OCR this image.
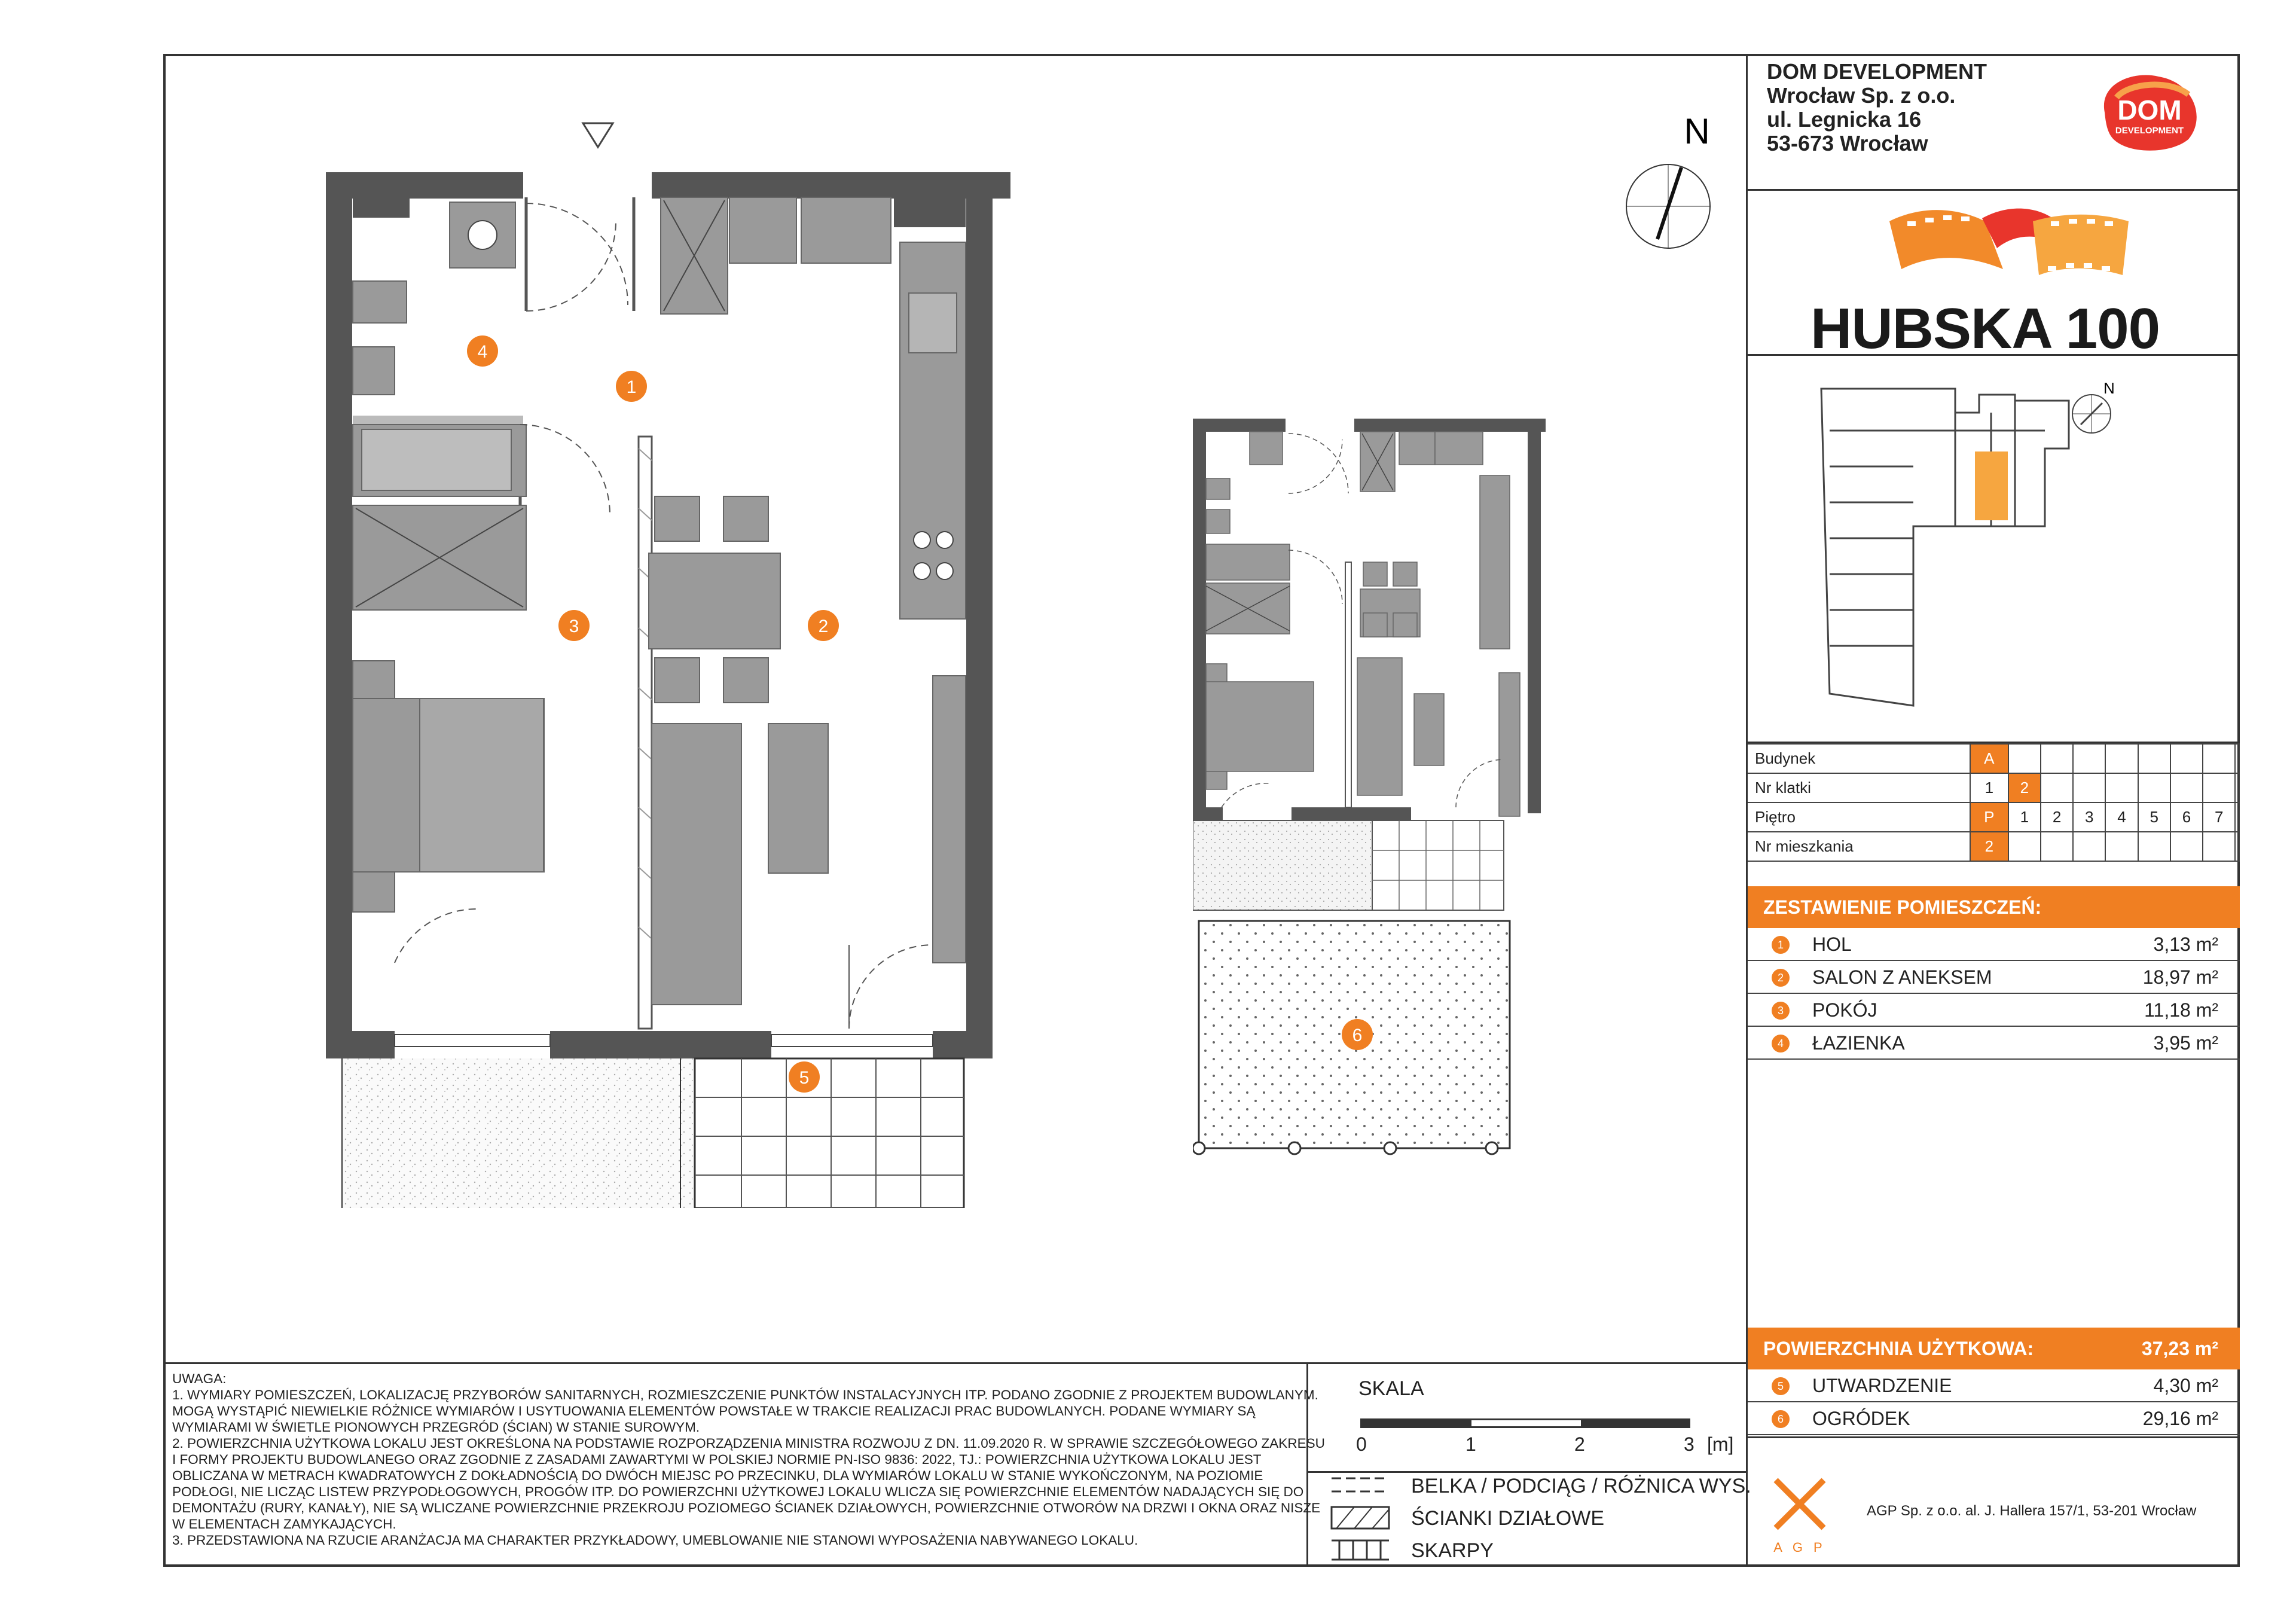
DOM DEVELOPMENT
Wrocław Sp. z o.o.
ul. Legnicka 16
53-673 Wrocław
DOM
DEVELOPMENT
HUBSKA 100
N
Budynek	A								
Nr klatki	1	2							
Piętro	P	1	2	3	4	5	6	7	
Nr mieszkania	2								
ZESTAWIENIE POMIESZCZEŃ:
1	HOL	3,13 m²
2	SALON Z ANEKSEM	18,97 m²
3	POKÓJ	11,18 m²
4	ŁAZIENKA	3,95 m²
POWIERZCHNIA UŻYTKOWA:	37,23 m²
5	UTWARDZENIE	4,30 m²
6	OGRÓDEK	29,16 m²
UWAGA:
1. WYMIARY POMIESZCZEŃ, LOKALIZACJĘ PRZYBORÓW SANITARNYCH, ROZMIESZCZENIE PUNKTÓW INSTALACYJNYCH ITP. PODANO ZGODNIE Z PROJEKTEM BUDOWLANYM.
MOGĄ WYSTĄPIĆ NIEWIELKIE RÓŻNICE WYMIARÓW I USYTUOWANIA ELEMENTÓW POWSTAŁE W TRAKCIE REALIZACJI PRAC BUDOWLANYCH. PODANE WYMIARY SĄ
WYMIARAMI W ŚWIETLE PIONOWYCH PRZEGRÓD (ŚCIAN) W STANIE SUROWYM.
2. POWIERZCHNIA UŻYTKOWA LOKALU JEST OKREŚLONA NA PODSTAWIE ROZPORZĄDZENIA MINISTRA ROZWOJU Z DN. 11.09.2020 R. W SPRAWIE SZCZEGÓŁOWEGO ZAKRESU
I FORMY PROJEKTU BUDOWLANEGO ORAZ ZGODNIE Z ZASADAMI ZAWARTYMI W POLSKIEJ NORMIE PN-ISO 9836: 2022, TJ.: POWIERZCHNIA UŻYTKOWA LOKALU JEST
OBLICZANA W METRACH KWADRATOWYCH Z DOKŁADNOŚCIĄ DO DWÓCH MIEJSC PO PRZECINKU, DLA WYMIARÓW LOKALU W STANIE WYKOŃCZONYM, NA POZIOMIE
PODŁOGI, NIE LICZĄC LISTEW PRZYPODŁOGOWYCH, PROGÓW ITP. DO POWIERZCHNI UŻYTKOWEJ LOKALU WLICZA SIĘ POWIERZCHNIE ELEMENTÓW NADAJĄCYCH SIĘ DO
DEMONTAŻU (RURY, KANAŁY), NIE SĄ WLICZANE POWIERZCHNIE PRZEKROJU POZIOMEGO ŚCIANEK DZIAŁOWYCH, POWIERZCHNIE OTWORÓW NA DRZWI I OKNA ORAZ NISZE
W ELEMENTACH ZAMYKAJĄCYCH.
3. PRZEDSTAWIONA NA RZUCIE ARANŻACJA MA CHARAKTER PRZYKŁADOWY, UMEBLOWANIE NIE STANOWI WYPOSAŻENIA NABYWANEGO LOKALU.
SKALA
0	1	2	3 [m]
BELKA / PODCIĄG / RÓŻNICA WYS.
ŚCIANKI DZIAŁOWE
SKARPY	A G P
AGP Sp. z o.o. al. J. Hallera 157/1, 53-201 Wrocław
N
4
1
3	2
5
6
